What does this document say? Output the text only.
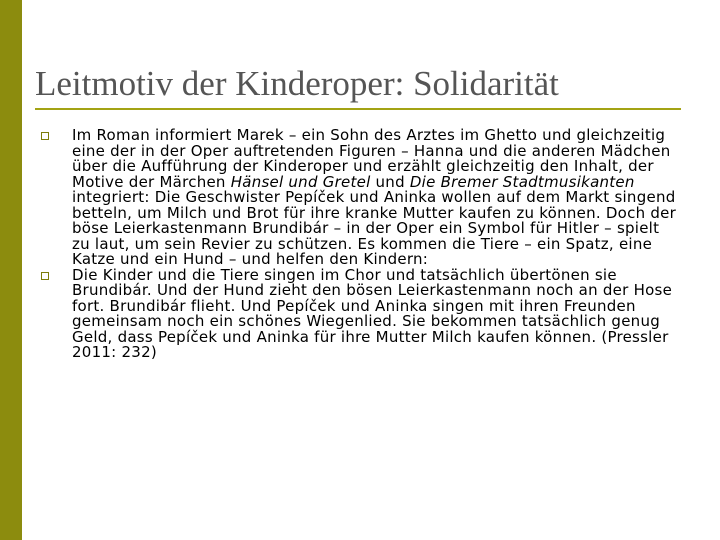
Leitmotiv der Kinderoper: Solidarität
Im Roman informiert Marek – ein Sohn des Arztes im Ghetto und gleichzeitig eine der in der Oper auftretenden Figuren – Hanna und die anderen Mädchen über die Aufführung der Kinderoper und erzählt gleichzeitig den Inhalt, der Motive der Märchen Hänsel und Gretel und Die Bremer Stadtmusikanten integriert: Die Geschwister Pepíček und Aninka wollen auf dem Markt singend betteln, um Milch und Brot für ihre kranke Mutter kaufen zu können. Doch der böse Leierkastenmann Brundibár – in der Oper ein Symbol für Hitler – spielt zu laut, um sein Revier zu schützen. Es kommen die Tiere – ein Spatz, eine Katze und ein Hund – und helfen den Kindern:
Die Kinder und die Tiere singen im Chor und tatsächlich übertönen sie Brundibár. Und der Hund zieht den bösen Leierkastenmann noch an der Hose fort. Brundibár flieht. Und Pepíček und Aninka singen mit ihren Freunden gemeinsam noch ein schönes Wiegenlied. Sie bekommen tatsächlich genug Geld, dass Pepíček und Aninka für ihre Mutter Milch kaufen können. (Pressler 2011: 232)
